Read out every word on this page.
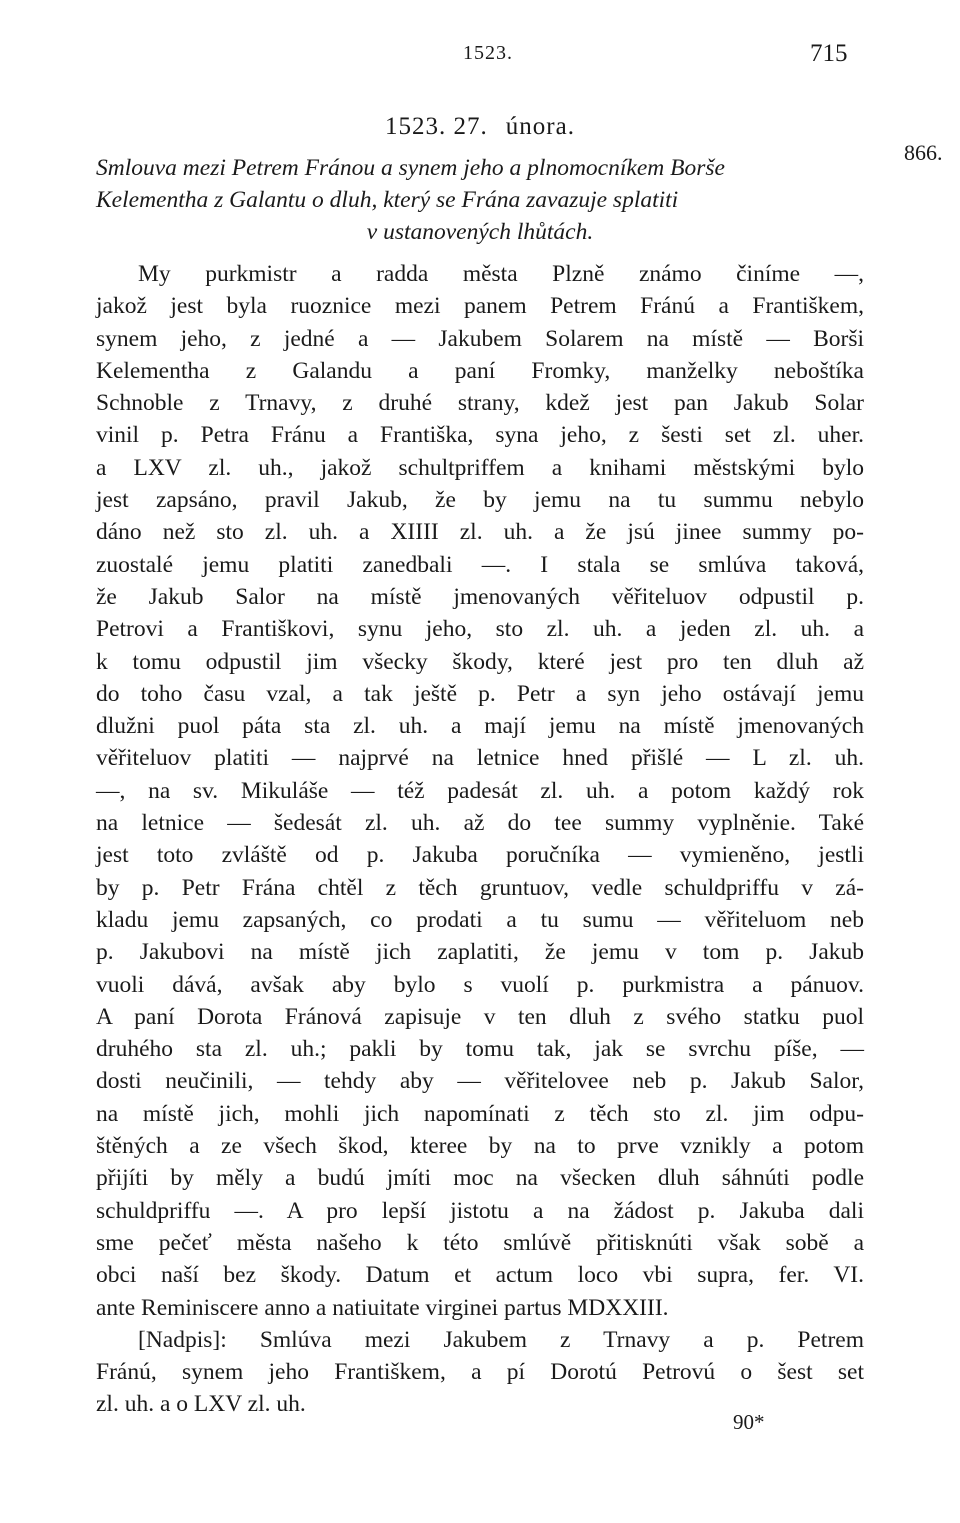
1523.	715
866.
1523. 27. února.
Smlouva mezi Petrem Fránou a synem jeho a plnomocníkem Borše
Kelementha z Galantu o dluh, který se Frána zavazuje splatiti
v ustanovených lhůtách.
My purkmistr a radda města Plzně známo činíme —,
jakož jest byla ruoznice mezi panem Petrem Fránú a Františkem,
synem jeho, z jedné a — Jakubem Solarem na místě — Borši
Kelementha z Galandu a paní Fromky, manželky neboštíka
Schnoble z Trnavy, z druhé strany, kdež jest pan Jakub Solar
vinil p. Petra Fránu a Františka, syna jeho, z šesti set zl. uher.
a LXV zl. uh., jakož schultpriffem a knihami městskými bylo
jest zapsáno, pravil Jakub, že by jemu na tu summu nebylo
dáno než sto zl. uh. a XIIII zl. uh. a že jsú jinee summy po-
zuostalé jemu platiti zanedbali —. I stala se smlúva taková,
že Jakub Salor na místě jmenovaných věřiteluov odpustil p.
Petrovi a Františkovi, synu jeho, sto zl. uh. a jeden zl. uh. a
k tomu odpustil jim všecky škody, které jest pro ten dluh až
do toho času vzal, a tak ještě p. Petr a syn jeho ostávají jemu
dlužni puol páta sta zl. uh. a mají jemu na místě jmenovaných
věřiteluov platiti — najprvé na letnice hned přišlé — L zl. uh.
—, na sv. Mikuláše — též padesát zl. uh. a potom každý rok
na letnice — šedesát zl. uh. až do tee summy vyplněnie. Také
jest toto zvláště od p. Jakuba poručníka — vymieněno, jestli
by p. Petr Frána chtěl z těch gruntuov, vedle schuldpriffu v zá-
kladu jemu zapsaných, co prodati a tu sumu — věřiteluom neb
p. Jakubovi na místě jich zaplatiti, že jemu v tom p. Jakub
vuoli dává, avšak aby bylo s vuolí p. purkmistra a pánuov.
A paní Dorota Fránová zapisuje v ten dluh z svého statku puol
druhého sta zl. uh.; pakli by tomu tak, jak se svrchu píše, —
dosti neučinili, — tehdy aby — věřitelovee neb p. Jakub Salor,
na místě jich, mohli jich napomínati z těch sto zl. jim odpu-
štěných a ze všech škod, kteree by na to prve vznikly a potom
přijíti by měly a budú jmíti moc na všecken dluh sáhnúti podle
schuldpriffu —. A pro lepší jistotu a na žádost p. Jakuba dali
sme pečeť města našeho k této smlúvě přitisknúti však sobě a
obci naší bez škody. Datum et actum loco vbi supra, fer. VI.
ante Reminiscere anno a natiuitate virginei partus MDXXIII.
[Nadpis]: Smlúva mezi Jakubem z Trnavy a p. Petrem
Fránú, synem jeho Františkem, a pí Dorotú Petrovú o šest set
zl. uh. a o LXV zl. uh.
90*
